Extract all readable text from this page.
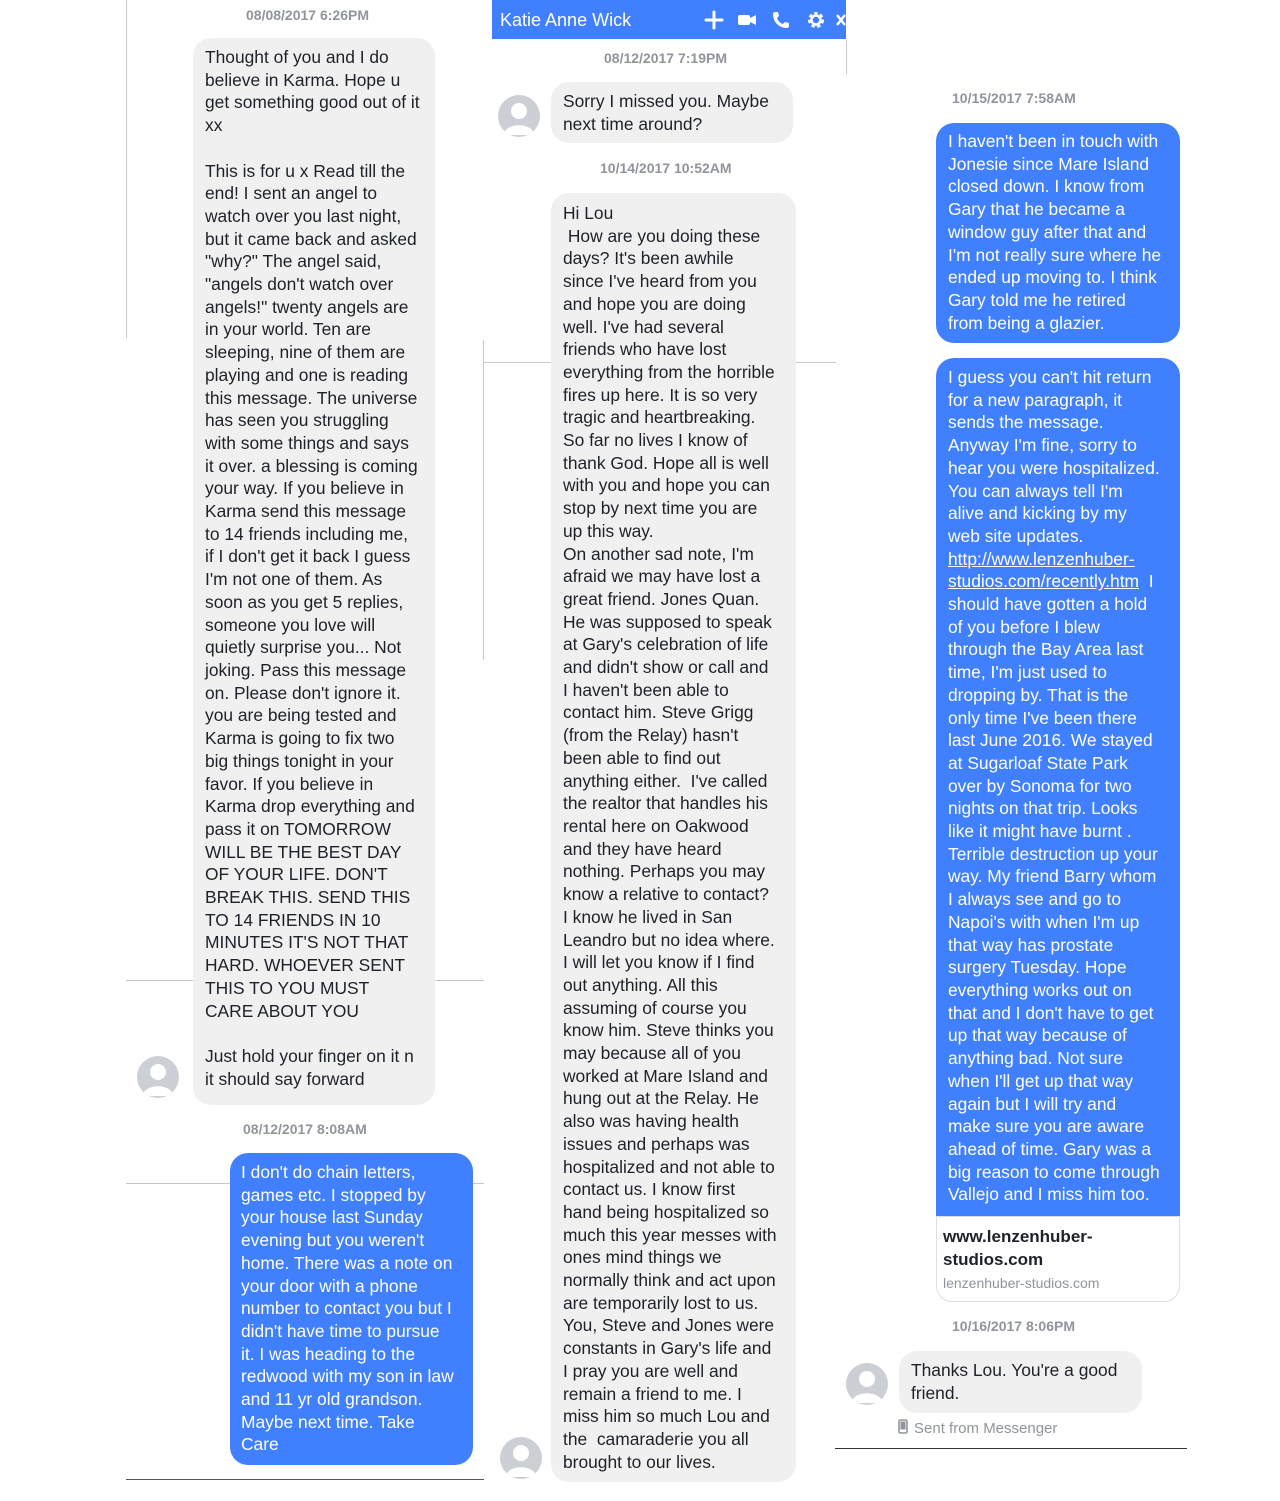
08/08/2017 6:26PM
Thought of you and I do
believe in Karma. Hope u
get something good out of it
xx

This is for u x Read till the
end! I sent an angel to
watch over you last night,
but it came back and asked
"why?" The angel said,
"angels don't watch over
angels!" twenty angels are
in your world. Ten are
sleeping, nine of them are
playing and one is reading
this message. The universe
has seen you struggling
with some things and says
it over. a blessing is coming
your way. If you believe in
Karma send this message
to 14 friends including me,
if I don't get it back I guess
I'm not one of them. As
soon as you get 5 replies,
someone you love will
quietly surprise you... Not
joking. Pass this message
on. Please don't ignore it.
you are being tested and
Karma is going to fix two
big things tonight in your
favor. If you believe in
Karma drop everything and
pass it on TOMORROW
WILL BE THE BEST DAY
OF YOUR LIFE. DON'T
BREAK THIS. SEND THIS
TO 14 FRIENDS IN 10
MINUTES IT'S NOT THAT
HARD. WHOEVER SENT
THIS TO YOU MUST
CARE ABOUT YOU

Just hold your finger on it n
it should say forward
08/12/2017 8:08AM
I don't do chain letters,
games etc. I stopped by
your house last Sunday
evening but you weren't
home. There was a note on
your door with a phone
number to contact you but I
didn't have time to pursue
it. I was heading to the
redwood with my son in law
and 11 yr old grandson.
Maybe next time. Take
Care
Katie Anne Wick
08/12/2017 7:19PM
Sorry I missed you. Maybe
next time around?
10/14/2017 10:52AM
Hi Lou
How are you doing these
days? It's been awhile
since I've heard from you
and hope you are doing
well. I've had several
friends who have lost
everything from the horrible
fires up here. It is so very
tragic and heartbreaking.
So far no lives I know of
thank God. Hope all is well
with you and hope you can
stop by next time you are
up this way.
On another sad note, I'm
afraid we may have lost a
great friend. Jones Quan.
He was supposed to speak
at Gary's celebration of life
and didn't show or call and
I haven't been able to
contact him. Steve Grigg
(from the Relay) hasn't
been able to find out
anything either.  I've called
the realtor that handles his
rental here on Oakwood
and they have heard
nothing. Perhaps you may
know a relative to contact?
I know he lived in San
Leandro but no idea where.
I will let you know if I find
out anything. All this
assuming of course you
know him. Steve thinks you
may because all of you
worked at Mare Island and
hung out at the Relay. He
also was having health
issues and perhaps was
hospitalized and not able to
contact us. I know first
hand being hospitalized so
much this year messes with
ones mind things we
normally think and act upon
are temporarily lost to us.
You, Steve and Jones were
constants in Gary's life and
I pray you are well and
remain a friend to me. I
miss him so much Lou and
the  camaraderie you all
brought to our lives.
10/15/2017 7:58AM
I haven't been in touch with
Jonesie since Mare Island
closed down. I know from
Gary that he became a
window guy after that and
I'm not really sure where he
ended up moving to. I think
Gary told me he retired
from being a glazier.
I guess you can't hit return
for a new paragraph, it
sends the message.
Anyway I'm fine, sorry to
hear you were hospitalized.
You can always tell I'm
alive and kicking by my
web site updates.
http://www.lenzenhuber-
studios.com/recently.htm  I
should have gotten a hold
of you before I blew
through the Bay Area last
time, I'm just used to
dropping by. That is the
only time I've been there
last June 2016. We stayed
at Sugarloaf State Park
over by Sonoma for two
nights on that trip. Looks
like it might have burnt .
Terrible destruction up your
way. My friend Barry whom
I always see and go to
Napoi's with when I'm up
that way has prostate
surgery Tuesday. Hope
everything works out on
that and I don't have to get
up that way because of
anything bad. Not sure
when I'll get up that way
again but I will try and
make sure you are aware
ahead of time. Gary was a
big reason to come through
Vallejo and I miss him too.
www.lenzenhuber-
studios.com
lenzenhuber-studios.com
10/16/2017 8:06PM
Thanks Lou. You're a good
friend.
Sent from Messenger
